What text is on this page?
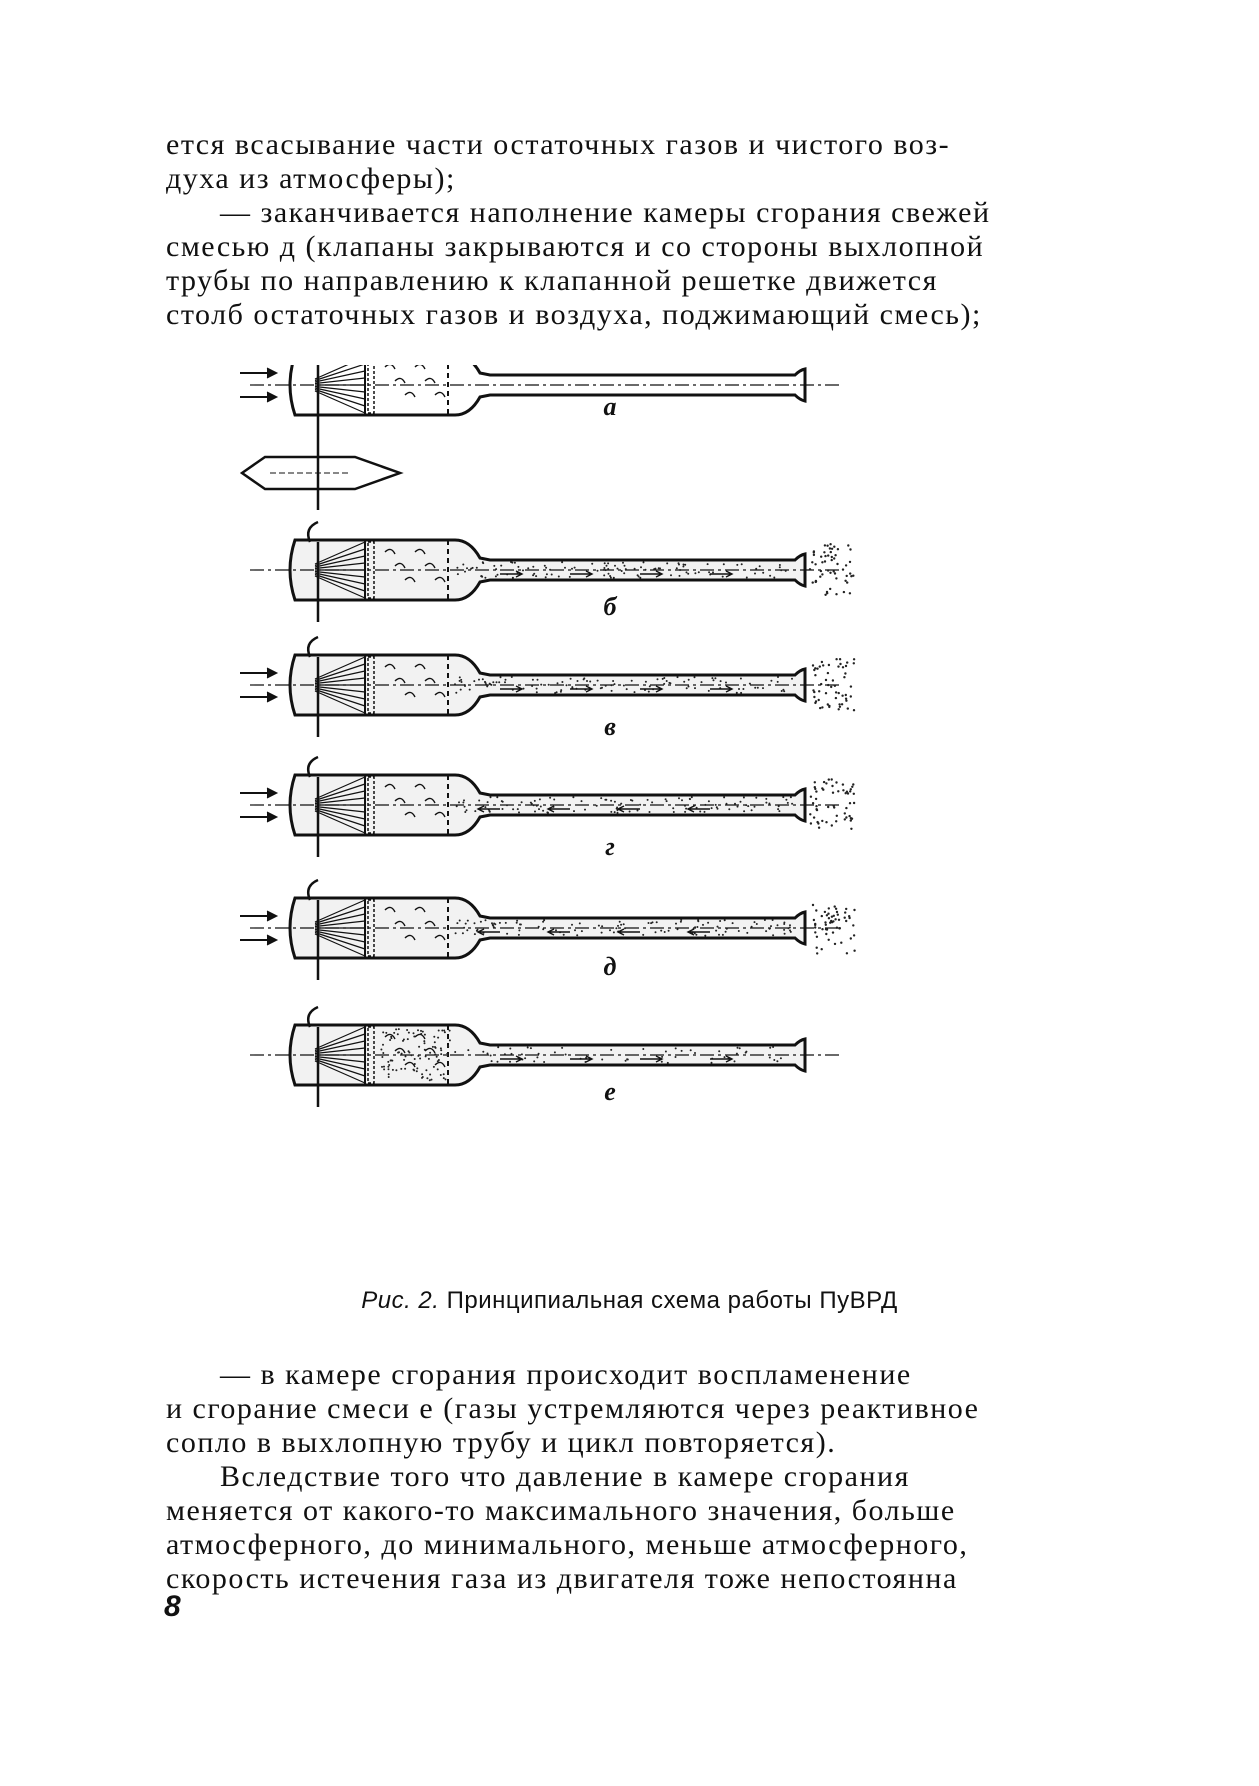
ется всасывание части остаточных газов и чистого воз-

духа из атмосферы);

— заканчивается наполнение камеры сгорания свежей

смесью д (клапаны закрываются и со стороны выхлопной

трубы по направлению к клапанной решетке движется

столб остаточных газов и воздуха, поджимающий смесь);

а
б
в
г
д
е
Рис. 2. Принципиальная схема работы ПуВРД

— в камере сгорания происходит воспламенение

и сгорание смеси е (газы устремляются через реактивное

сопло в выхлопную трубу и цикл повторяется).

Вследствие того что давление в камере сгорания

меняется от какого-то максимального значения, больше

атмосферного, до минимального, меньше атмосферного,

скорость истечения газа из двигателя тоже непостоянна

8
